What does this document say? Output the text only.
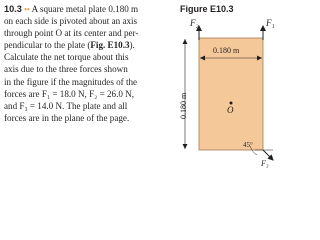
10.3 •• A square metal plate 0.180 m
on each side is pivoted about an axis
through point O at its center and per-
pendicular to the plate (Fig. E10.3).
Calculate the net torque about this
axis due to the three forces shown
in the figure if the magnitudes of the
forces are F₁ = 18.0 N, F₂ = 26.0 N,
and F₃ = 14.0 N. The plate and all
forces are in the plane of the page.
Figure E10.3
0.180 m
0.180 m	O
F₂	F₁
45°
F₃
